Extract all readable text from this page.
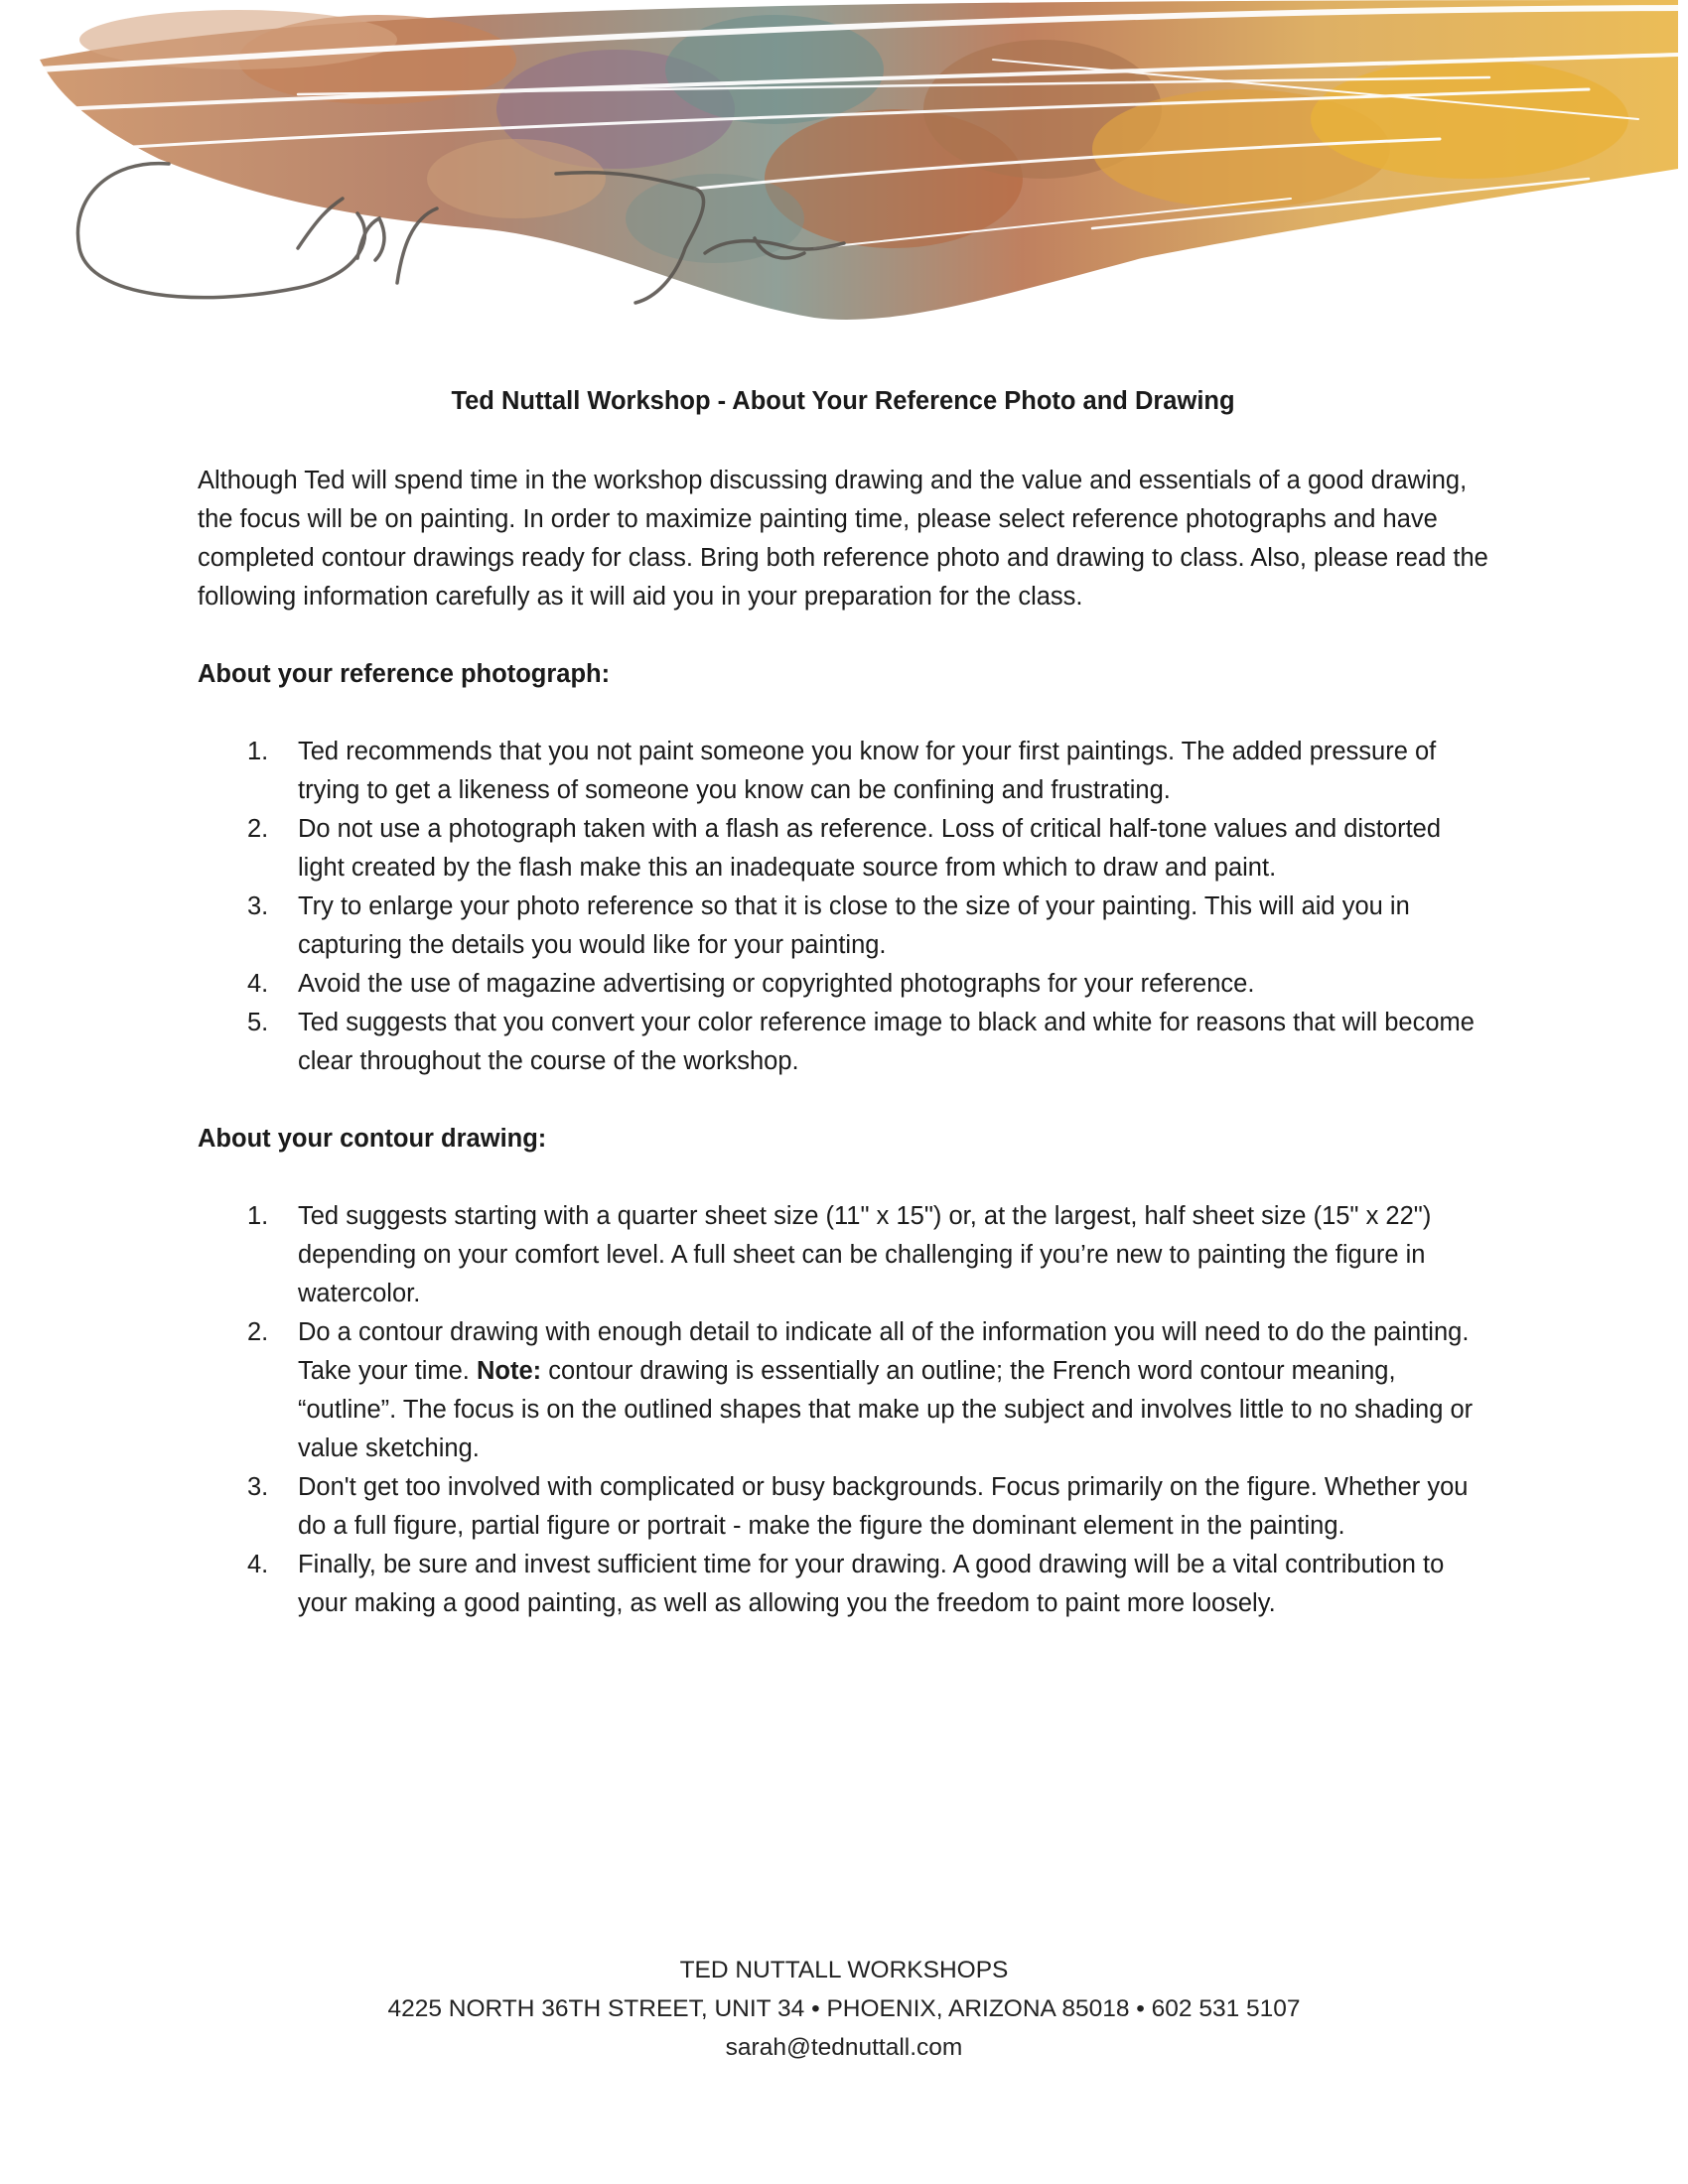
Ted Nuttall Workshop - About Your Reference Photo and Drawing

Although Ted will spend time in the workshop discussing drawing and the value and essentials of a good drawing, the focus will be on painting. In order to maximize painting time, please select reference photographs and have completed contour drawings ready for class. Bring both reference photo and drawing to class. Also, please read the following information carefully as it will aid you in your preparation for the class.

About your reference photograph:
1. Ted recommends that you not paint someone you know for your first paintings. The added pressure of trying to get a likeness of someone you know can be confining and frustrating.
2. Do not use a photograph taken with a flash as reference. Loss of critical half-tone values and distorted light created by the flash make this an inadequate source from which to draw and paint.
3. Try to enlarge your photo reference so that it is close to the size of your painting. This will aid you in capturing the details you would like for your painting.
4. Avoid the use of magazine advertising or copyrighted photographs for your reference.
5. Ted suggests that you convert your color reference image to black and white for reasons that will become clear throughout the course of the workshop.
About your contour drawing:
1. Ted suggests starting with a quarter sheet size (11" x 15") or, at the largest, half sheet size (15" x 22") depending on your comfort level. A full sheet can be challenging if you’re new to painting the figure in watercolor.
2. Do a contour drawing with enough detail to indicate all of the information you will need to do the painting. Take your time. Note: contour drawing is essentially an outline; the French word contour meaning, “outline”. The focus is on the outlined shapes that make up the subject and involves little to no shading or value sketching.
3. Don't get too involved with complicated or busy backgrounds. Focus primarily on the figure. Whether you do a full figure, partial figure or portrait - make the figure the dominant element in the painting.
4. Finally, be sure and invest sufficient time for your drawing. A good drawing will be a vital contribution to your making a good painting, as well as allowing you the freedom to paint more loosely.
TED NUTTALL WORKSHOPS
4225 NORTH 36TH STREET, UNIT 34 • PHOENIX, ARIZONA 85018 • 602 531 5107
sarah@tednuttall.com
